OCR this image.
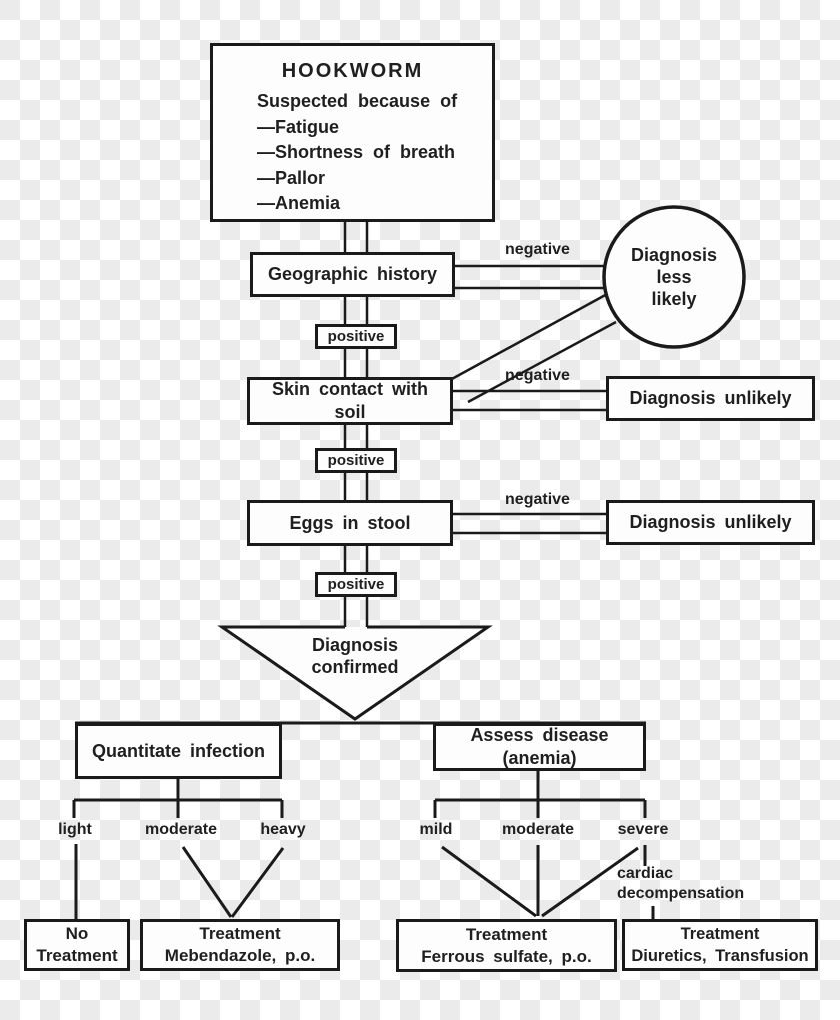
HOOKWORM
Suspected because of
—Fatigue
—Shortness of breath
—Pallor
—Anemia
Geographic history
negative	Diagnosis
less
likely
positive
Skin contact with
soil
negative
Diagnosis unlikely
positive
Eggs in stool
negative
Diagnosis unlikely
positive
Diagnosis
confirmed
Quantitate infection
Assess disease
(anemia)
light	moderate	heavy	mild	moderate	severe
cardiac
decompensation
No
Treatment
Treatment
Mebendazole, p.o.
Treatment
Ferrous sulfate, p.o.
Treatment
Diuretics, Transfusion
